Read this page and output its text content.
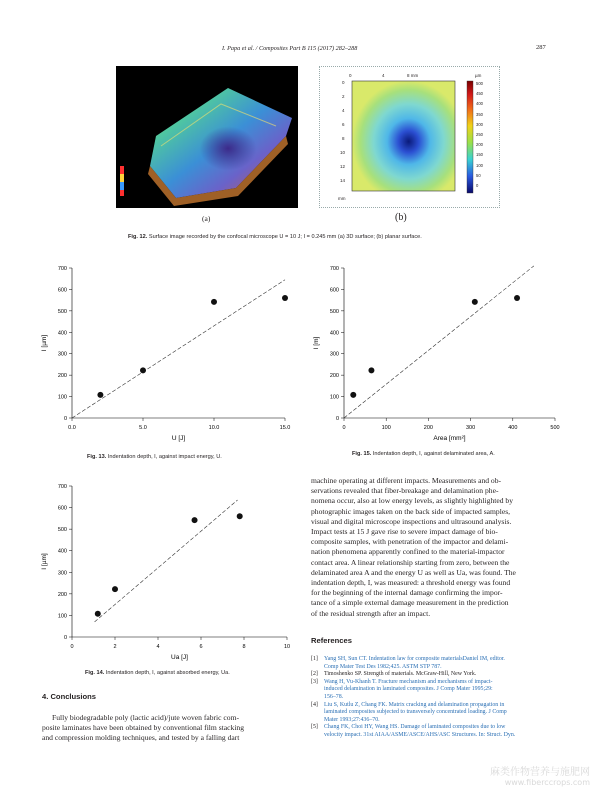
I. Papa et al. / Composites Part B 115 (2017) 282–288	287
(a)
0	4	8 mm
0
2
4
6
8
10
12
14
mm
µm
500
450
400
350
300
250
200
150
100
50
0
(b)
Fig. 12. Surface image recorded by the confocal microscope U = 10 J; I = 0.245 mm (a) 3D surface; (b) planar surface.
0
100
200
300
400
500
600
700
0.0	5.0	10.0	15.0
U [J]
I [µm]
Fig. 13. Indentation depth, I, against impact energy, U.
0
100
200
300
400
500
600
700
0	100	200	300	400	500
Area [mm²]
I [m]
Fig. 15. Indentation depth, I, against delaminated area, A.
0
100
200
300
400
500
600
700
0	2	4	6	8	10
Ua [J]
I [µm]
Fig. 14. Indentation depth, I, against absorbed energy, Ua.
4. Conclusions
Fully biodegradable poly (lactic acid)/jute woven fabric com-
posite laminates have been obtained by conventional film stacking
and compression molding techniques, and tested by a falling dart
machine operating at different impacts. Measurements and ob-
servations revealed that fiber-breakage and delamination phe-
nomena occur, also at low energy levels, as slightly highlighted by
photographic images taken on the back side of impacted samples,
visual and digital microscope inspections and ultrasound analysis.
Impact tests at 15 J gave rise to severe impact damage of bio-
composite samples, with penetration of the impactor and delami-
nation phenomena apparently confined to the material-impactor
contact area. A linear relationship starting from zero, between the
delaminated area A and the energy U as well as Ua, was found. The
indentation depth, I, was measured: a threshold energy was found
for the beginning of the internal damage confirming the impor-
tance of a simple external damage measurement in the prediction
of the residual strength after an impact.
References
[1]	Yang SH, Sun CT. Indentation law for composite materialsDaniel IM, editor.
Comp Mater Test Des 1982;425. ASTM STP 787.
[2]	Timoshenko SP. Strength of materials. McGraw-Hill, New York.
[3]	Wang H, Vu-Khanh T. Fracture mechanism and mechanisms of impact-
induced delamination in laminated composites. J Comp Mater 1995;29:
156–78.
[4]	Liu S, Kutlu Z, Chang FK. Matrix cracking and delamination propagation in
laminated composites subjected to transversely concentrated loading. J Comp
Mater 1993;27:436–70.
[5]	Chang FK, Choi HY, Wang HS. Damage of laminated composites due to low
velocity impact. 31st AIAA/ASME/ASCE/AHS/ASC Structures. In: Struct. Dyn.
麻类作物营养与施肥网
www.fiberccrops.com
